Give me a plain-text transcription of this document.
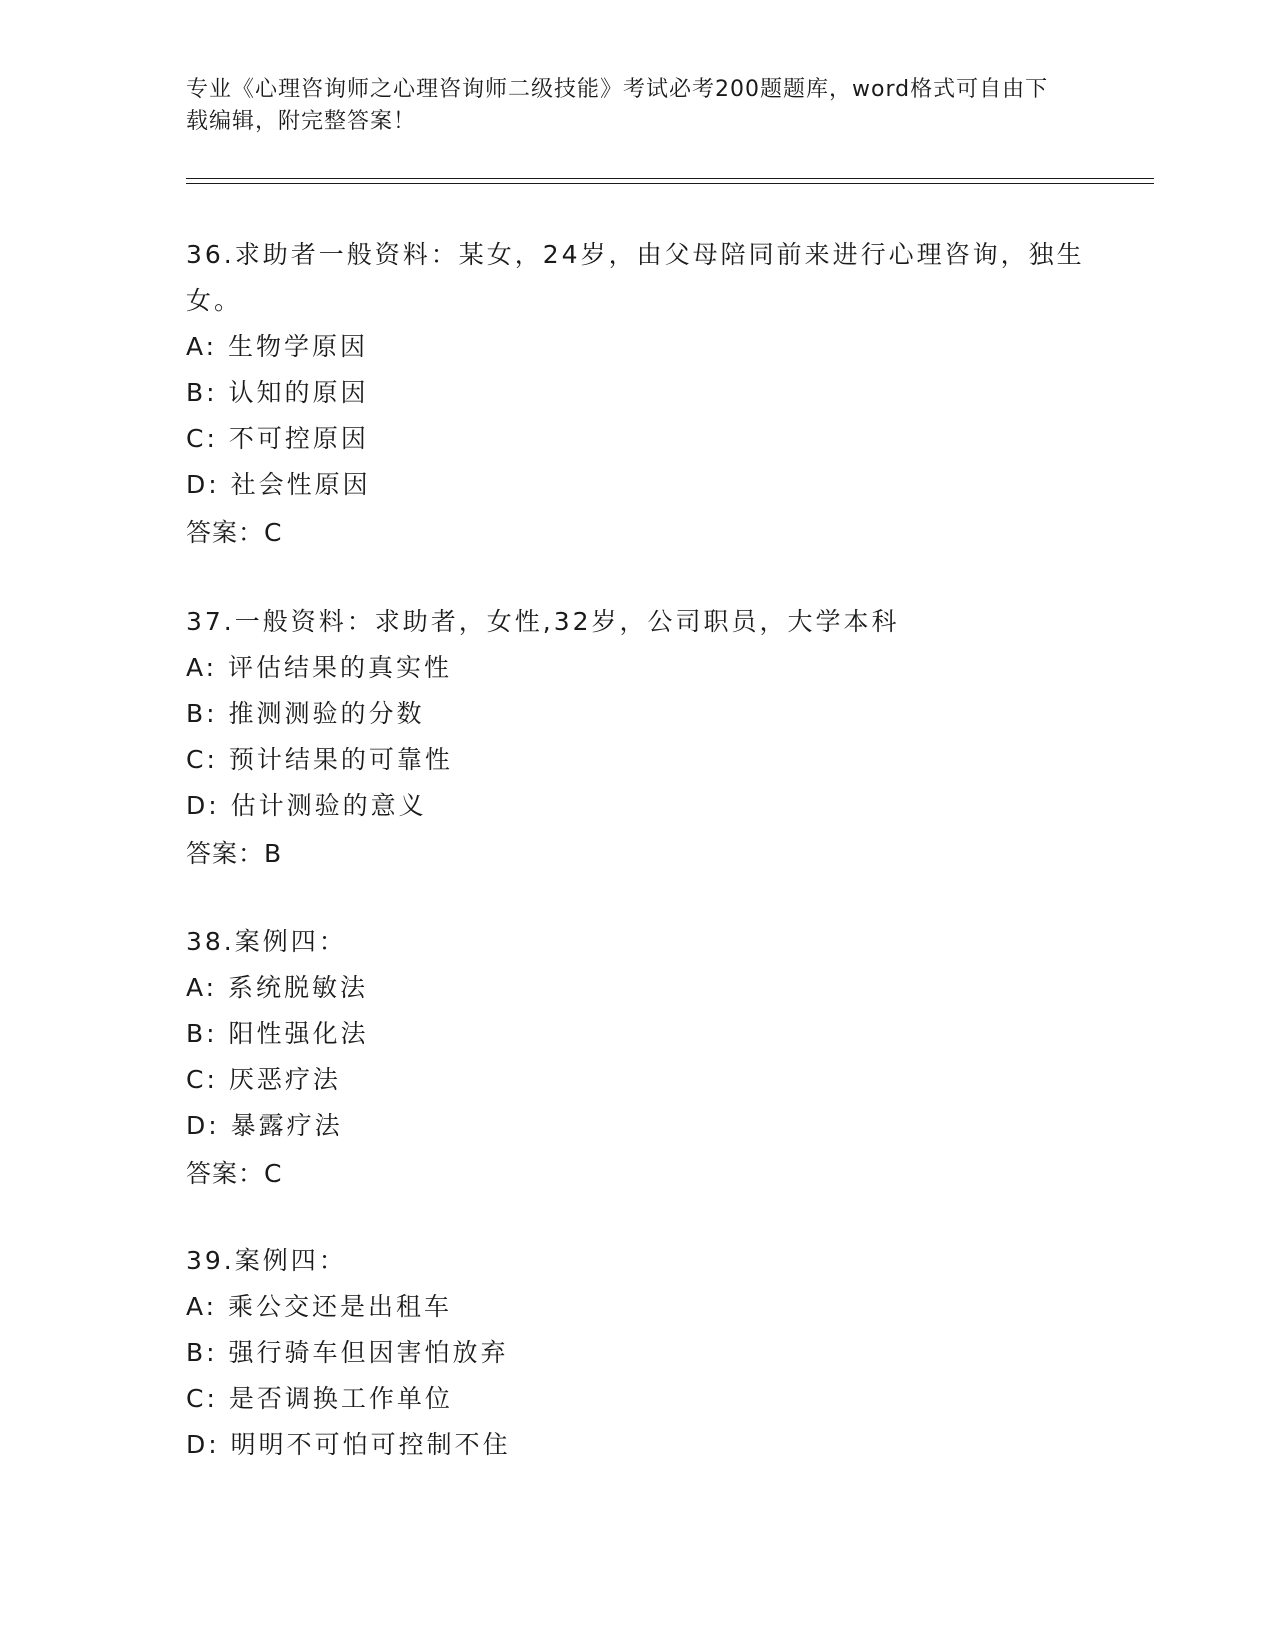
专业《心理咨询师之心理咨询师二级技能》考试必考200题题库，word格式可自由下载编辑，附完整答案！
36.求助者一般资料：某女，24岁，由父母陪同前来进行心理咨询，独生女。
A: 生物学原因
B: 认知的原因
C: 不可控原因
D: 社会性原因
答案：C
37.一般资料：求助者，女性,32岁，公司职员，大学本科
A: 评估结果的真实性
B: 推测测验的分数
C: 预计结果的可靠性
D: 估计测验的意义
答案：B
38.案例四：
A: 系统脱敏法
B: 阳性强化法
C: 厌恶疗法
D: 暴露疗法
答案：C
39.案例四：
A: 乘公交还是出租车
B: 强行骑车但因害怕放弃
C: 是否调换工作单位
D: 明明不可怕可控制不住
